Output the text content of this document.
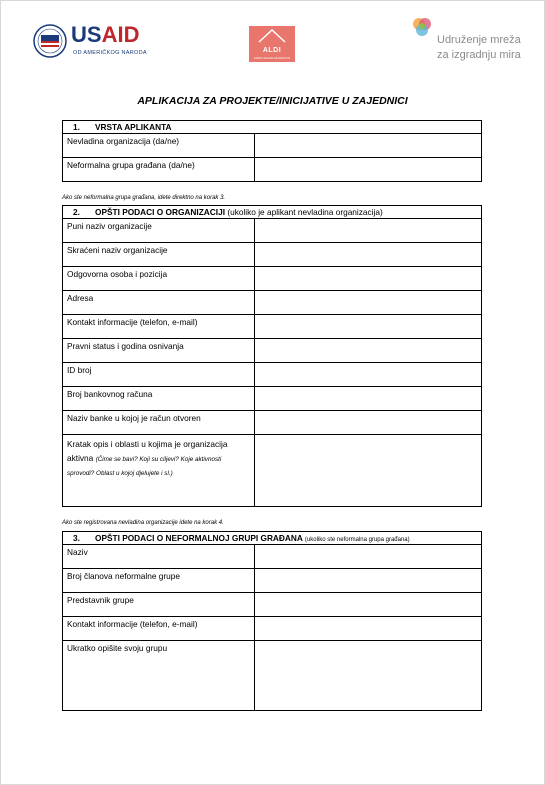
USAID
OD AMERIČKOG NARODA	ALDI
ASOCIJACIJA ZA RAZVOJ
Udruženje mreža
za izgradnju mira
APLIKACIJA ZA PROJEKTE/INICIJATIVE U ZAJEDNICI
1. VRSTA APLIKANTA	
Nevladina organizacija (da/ne)	
Neformalna grupa građana (da/ne)	
Ako ste neformalna grupa građana, idete direktno na korak 3.
2. OPŠTI PODACI O ORGANIZACIJI (ukoliko je aplikant nevladina organizacija)	
Puni naziv organizacije	
Skraćeni naziv organizacije	
Odgovorna osoba i pozicija	
Adresa	
Kontakt informacije (telefon, e-mail)	
Pravni status i godina osnivanja	
ID broj	
Broj bankovnog računa	
Naziv banke u kojoj je račun otvoren	
Kratak opis i oblasti u kojima je organizacija aktivna (Čime se bavi? Koji su ciljevi? Koje aktivnosti sprovodi? Oblast u kojoj djelujete i sl.)	
Ako ste registrovana nevladina organizacije idete na korak 4.
3. OPŠTI PODACI O NEFORMALNOJ GRUPI GRAĐANA (ukoliko ste neformalna grupa građana)	
Naziv	
Broj članova neformalne grupe	
Predstavnik grupe	
Kontakt informacije (telefon, e-mail)	
Ukratko opišite svoju grupu	
